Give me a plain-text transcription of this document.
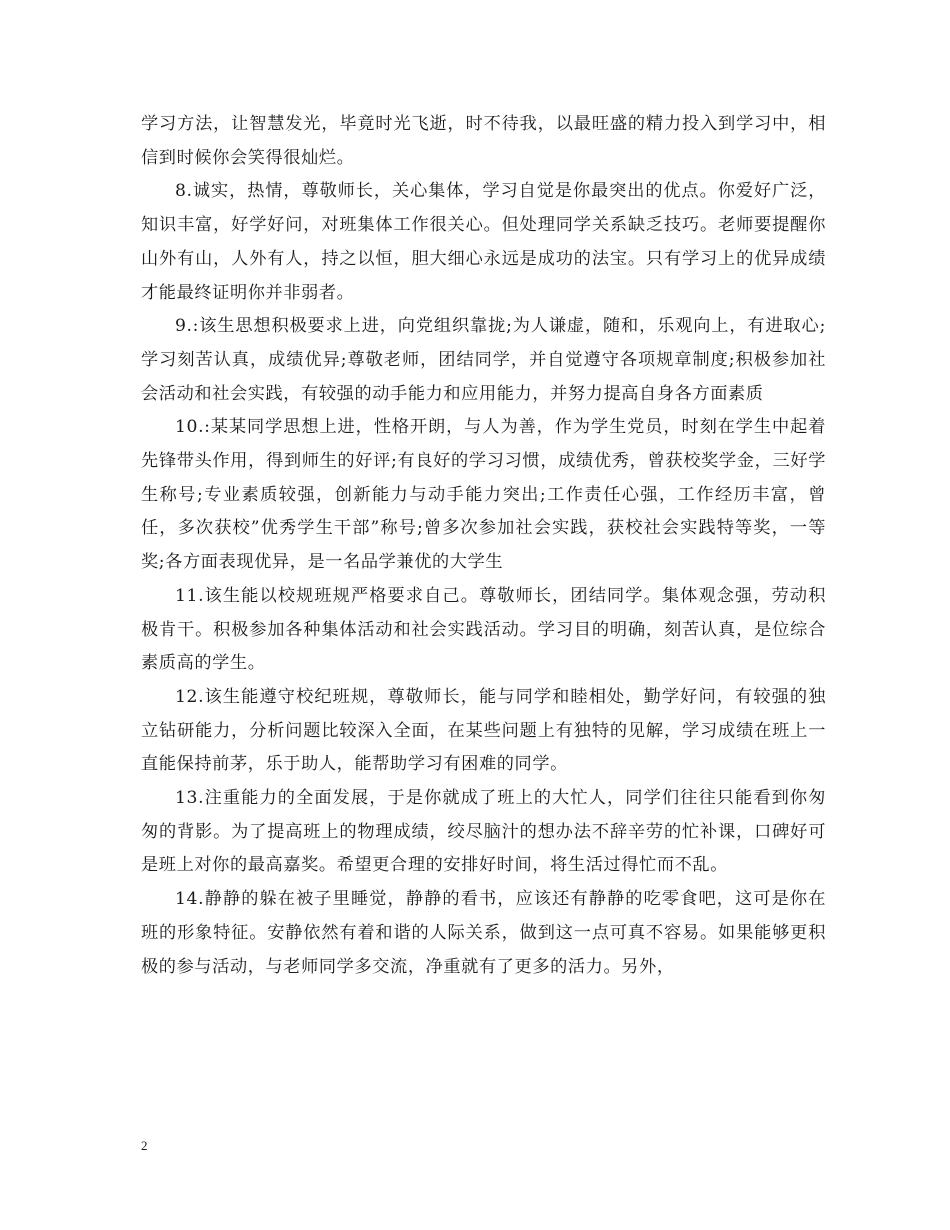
学习方法，让智慧发光，毕竟时光飞逝，时不待我，以最旺盛的精力投入到学习中，相信到时候你会笑得很灿烂。

8.诚实，热情，尊敬师长，关心集体，学习自觉是你最突出的优点。你爱好广泛，知识丰富，好学好问，对班集体工作很关心。但处理同学关系缺乏技巧。老师要提醒你山外有山，人外有人，持之以恒，胆大细心永远是成功的法宝。只有学习上的优异成绩才能最终证明你并非弱者。

9.:该生思想积极要求上进，向党组织靠拢;为人谦虚，随和，乐观向上，有进取心;学习刻苦认真，成绩优异;尊敬老师，团结同学，并自觉遵守各项规章制度;积极参加社会活动和社会实践，有较强的动手能力和应用能力，并努力提高自身各方面素质

10.:某某同学思想上进，性格开朗，与人为善，作为学生党员，时刻在学生中起着先锋带头作用，得到师生的好评;有良好的学习习惯，成绩优秀，曾获校奖学金，三好学生称号;专业素质较强，创新能力与动手能力突出;工作责任心强，工作经历丰富，曾任，多次获校”优秀学生干部”称号;曾多次参加社会实践，获校社会实践特等奖，一等奖;各方面表现优异，是一名品学兼优的大学生

11.该生能以校规班规严格要求自己。尊敬师长，团结同学。集体观念强，劳动积极肯干。积极参加各种集体活动和社会实践活动。学习目的明确，刻苦认真，是位综合素质高的学生。

12.该生能遵守校纪班规，尊敬师长，能与同学和睦相处，勤学好问，有较强的独立钻研能力，分析问题比较深入全面，在某些问题上有独特的见解，学习成绩在班上一直能保持前茅，乐于助人，能帮助学习有困难的同学。

13.注重能力的全面发展，于是你就成了班上的大忙人，同学们往往只能看到你匆匆的背影。为了提高班上的物理成绩，绞尽脑汁的想办法不辞辛劳的忙补课，口碑好可是班上对你的最高嘉奖。希望更合理的安排好时间，将生活过得忙而不乱。

14.静静的躲在被子里睡觉，静静的看书，应该还有静静的吃零食吧，这可是你在班的形象特征。安静依然有着和谐的人际关系，做到这一点可真不容易。如果能够更积极的参与活动，与老师同学多交流，净重就有了更多的活力。另外，

2
